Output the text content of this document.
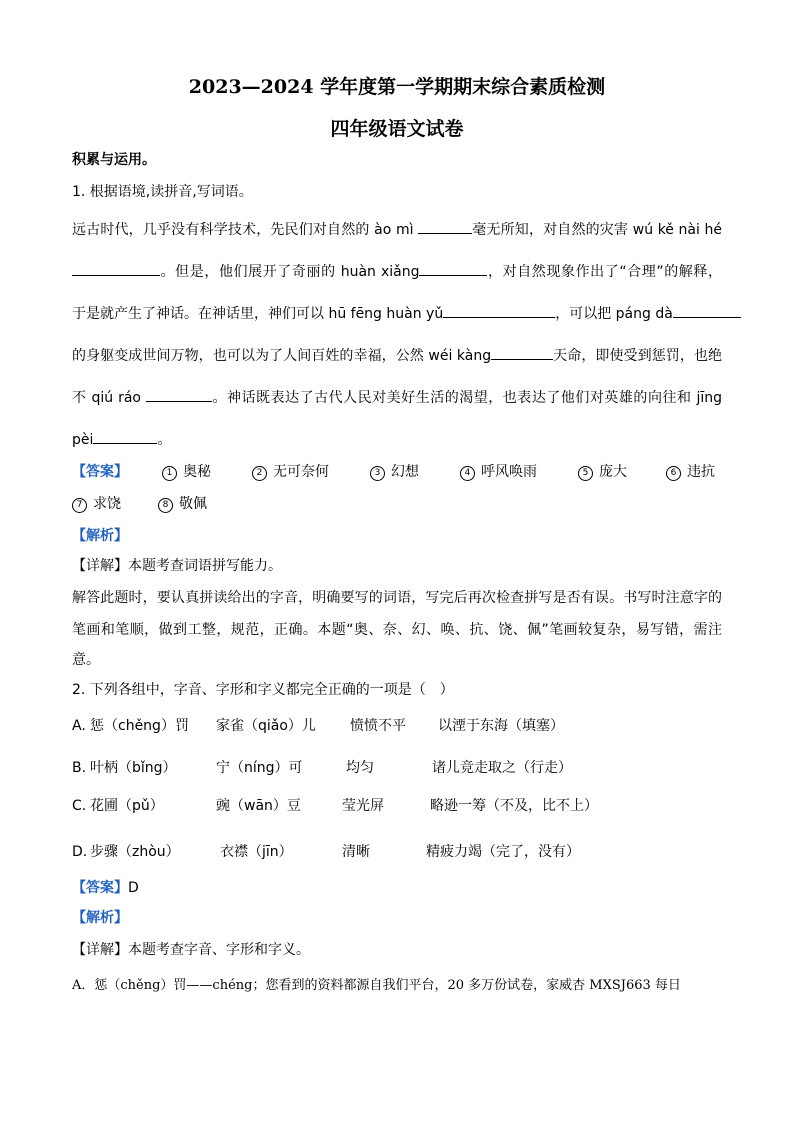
2023—2024 学年度第一学期期末综合素质检测
四年级语文试卷
积累与运用。
1. 根据语境,读拼音,写词语。
远古时代，几乎没有科学技术，先民们对自然的 ào mì	毫无所知，对自然的灾害 wú kě nài hé
。但是，他们展开了奇丽的 huàn xiǎng	，对自然现象作出了“合理”的解释，
于是就产生了神话。在神话里，神们可以 hū fēng huàn yǔ	，可以把 páng dà
的身躯变成世间万物，也可以为了人间百姓的幸福，公然 wéi kàng	天命，即使受到惩罚，也绝
不 qiú ráo	。神话既表达了古代人民对美好生活的渴望，也表达了他们对英雄的向往和 jīng
pèi	。
【答案】	1 奥秘	2 无可奈何	3 幻想	4 呼风唤雨	5 庞大	6 违抗
7 求饶	8 敬佩
【解析】
【详解】本题考查词语拼写能力。
解答此题时，要认真拼读给出的字音，明确要写的词语，写完后再次检查拼写是否有误。书写时注意字的
笔画和笔顺，做到工整，规范，正确。本题“奥、奈、幻、唤、抗、饶、佩”笔画较复杂，易写错，需注
意。
2. 下列各组中，字音、字形和字义都完全正确的一项是（　）
A. 惩（chěng）罚 家雀（qiǎo）儿 愤愤不平 以湮于东海（填塞）
B. 叶柄（bǐng）	宁（níng）可	均匀	诸儿竞走取之（行走）
C. 花圃（pǔ）	豌（wān）豆	莹光屏	略逊一筹（不及，比不上）
D. 步骤（zhòu）	衣襟（jīn）	清晰	精疲力竭（完了，没有）
【答案】D
【解析】
【详解】本题考查字音、字形和字义。
A．惩（chěng）罚——chéng；您看到的资料都源自我们平台，20 多万份试卷，家威杏 MXSJ663 每日
